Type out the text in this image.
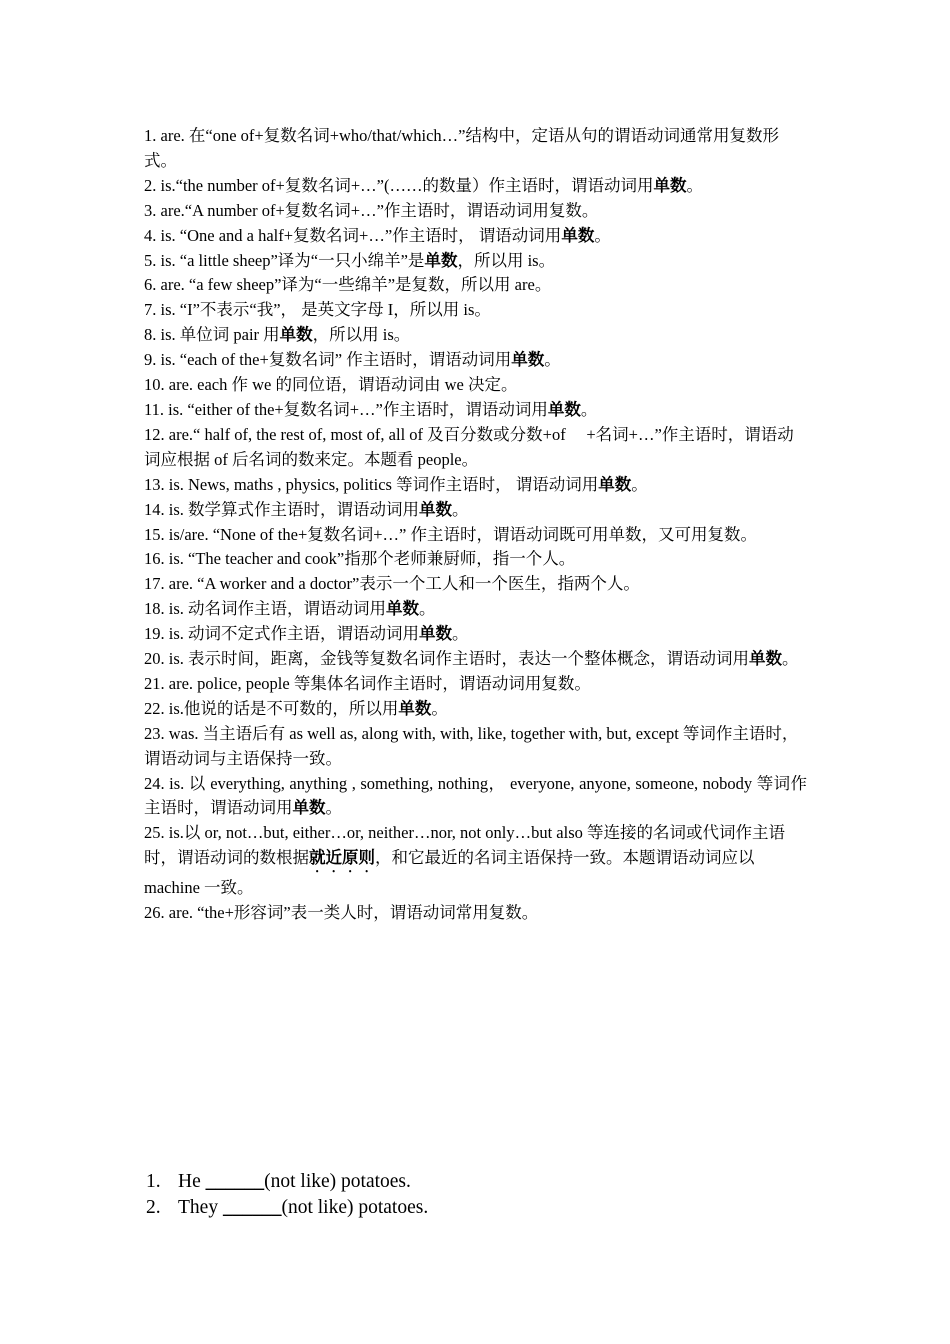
1. are. 在“one of+复数名词+who/that/which…”结构中，定语从句的谓语动词通常用复数形式。

2. is.“the number of+复数名词+…”(……的数量）作主语时，谓语动词用单数。

3. are.“A number of+复数名词+…”作主语时，谓语动词用复数。

4. is. “One and a half+复数名词+…”作主语时， 谓语动词用单数。

5. is. “a little sheep”译为“一只小绵羊”是单数，所以用 is。

6. are. “a few sheep”译为“一些绵羊”是复数，所以用 are。

7. is. “I”不表示“我”， 是英文字母 I，所以用 is。

8. is. 单位词 pair 用单数，所以用 is。

9. is. “each of the+复数名词” 作主语时，谓语动词用单数。

10. are. each 作 we 的同位语，谓语动词由 we 决定。

11. is. “either of the+复数名词+…”作主语时，谓语动词用单数。

12. are.“ half of, the rest of, most of, all of 及百分数或分数+of　 +名词+…”作主语时，谓语动词应根据 of 后名词的数来定。本题看 people。

13. is. News, maths , physics, politics 等词作主语时， 谓语动词用单数。

14. is. 数学算式作主语时，谓语动词用单数。

15. is/are. “None of the+复数名词+…” 作主语时，谓语动词既可用单数，又可用复数。

16. is. “The teacher and cook”指那个老师兼厨师，指一个人。

17. are. “A worker and a doctor”表示一个工人和一个医生，指两个人。

18. is. 动名词作主语，谓语动词用单数。

19. is. 动词不定式作主语，谓语动词用单数。

20. is. 表示时间，距离，金钱等复数名词作主语时，表达一个整体概念，谓语动词用单数。

21. are. police, people 等集体名词作主语时，谓语动词用复数。

22. is.他说的话是不可数的，所以用单数。

23. was. 当主语后有 as well as, along with, with, like, together with, but, except 等词作主语时，谓语动词与主语保持一致。

24. is. 以 everything, anything , something, nothing， everyone, anyone, someone, nobody 等词作主语时，谓语动词用单数。

25. is.以 or, not…but, either…or, neither…nor, not only…but also 等连接的名词或代词作主语时，谓语动词的数根据就近原则，和它最近的名词主语保持一致。本题谓语动词应以 machine 一致。

26. are. “the+形容词”表一类人时，谓语动词常用复数。

1. He ______(not like) potatoes.
2. They ______(not like) potatoes.
